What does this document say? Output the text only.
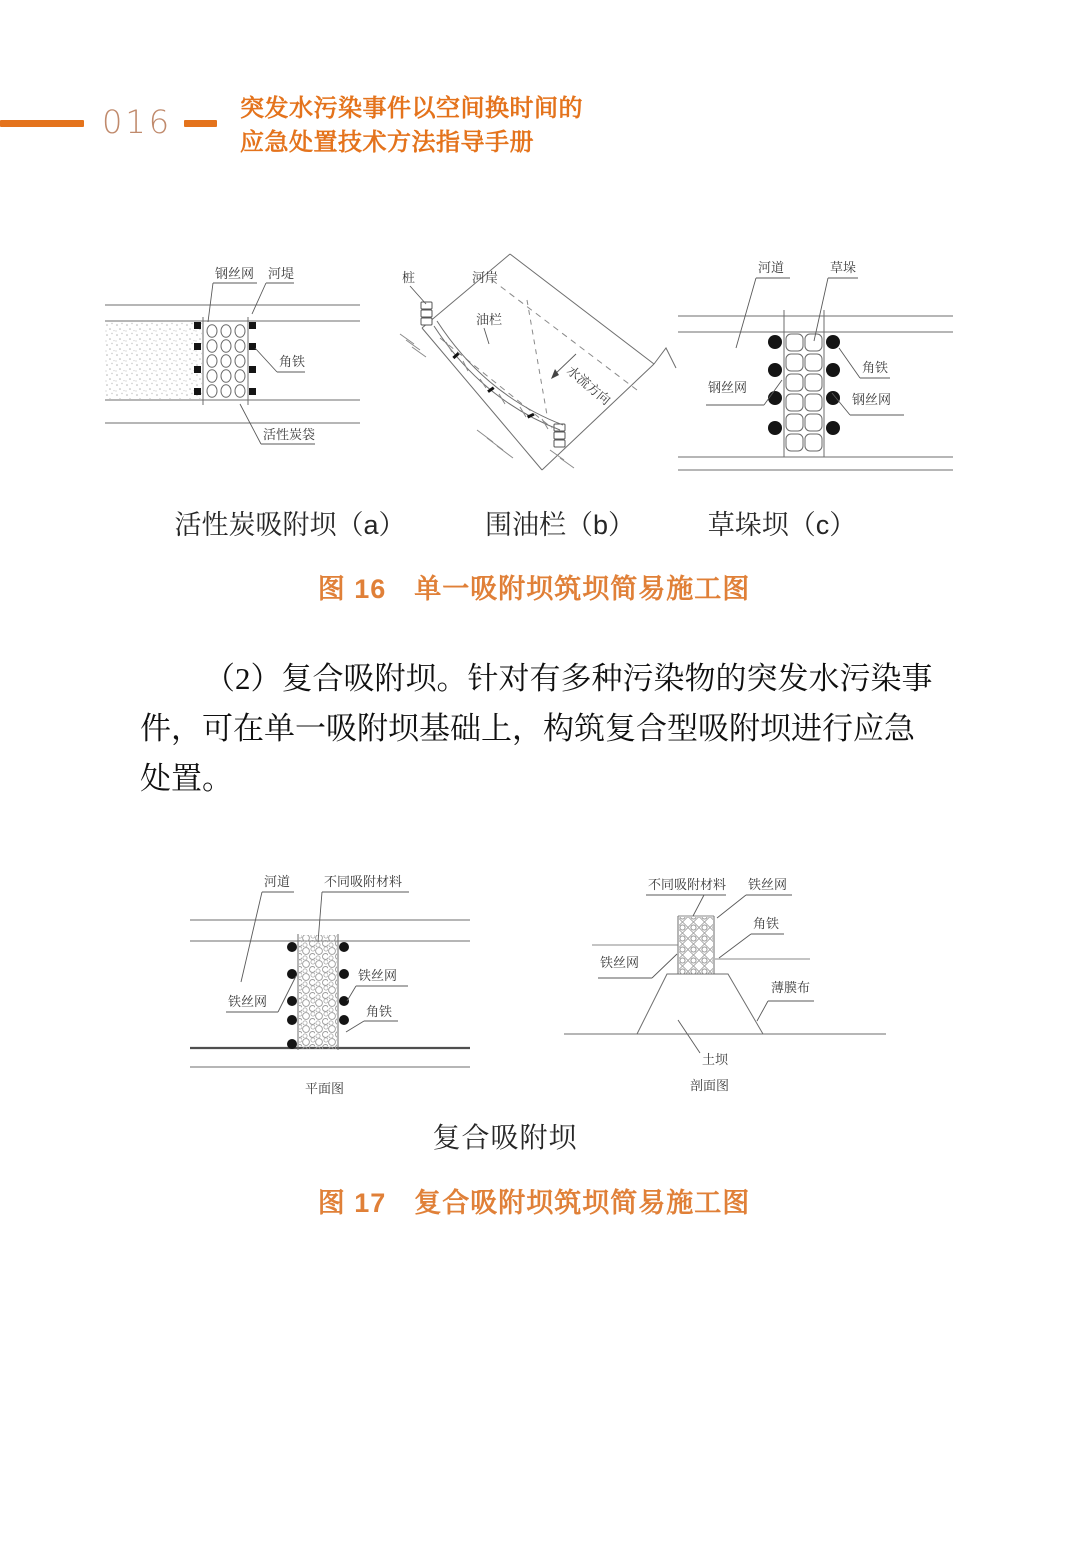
016	突发水污染事件以空间换时间的
应急处置技术方法指导手册
钢丝网 河堤
角铁
活性炭袋
水流方向
桩	河岸
油栏
河道	草垛
角铁
钢丝网
钢丝网
活性炭吸附坝（a）	围油栏（b）	草垛坝（c）
图 16　单一吸附坝筑坝简易施工图
（2）复合吸附坝。针对有多种污染物的突发水污染事
件，可在单一吸附坝基础上，构筑复合型吸附坝进行应急
处置。
河道	不同吸附材料
铁丝网
铁丝网
角铁
平面图
不同吸附材料 铁丝网
角铁
铁丝网
薄膜布
土坝
剖面图
复合吸附坝
图 17　复合吸附坝筑坝简易施工图
